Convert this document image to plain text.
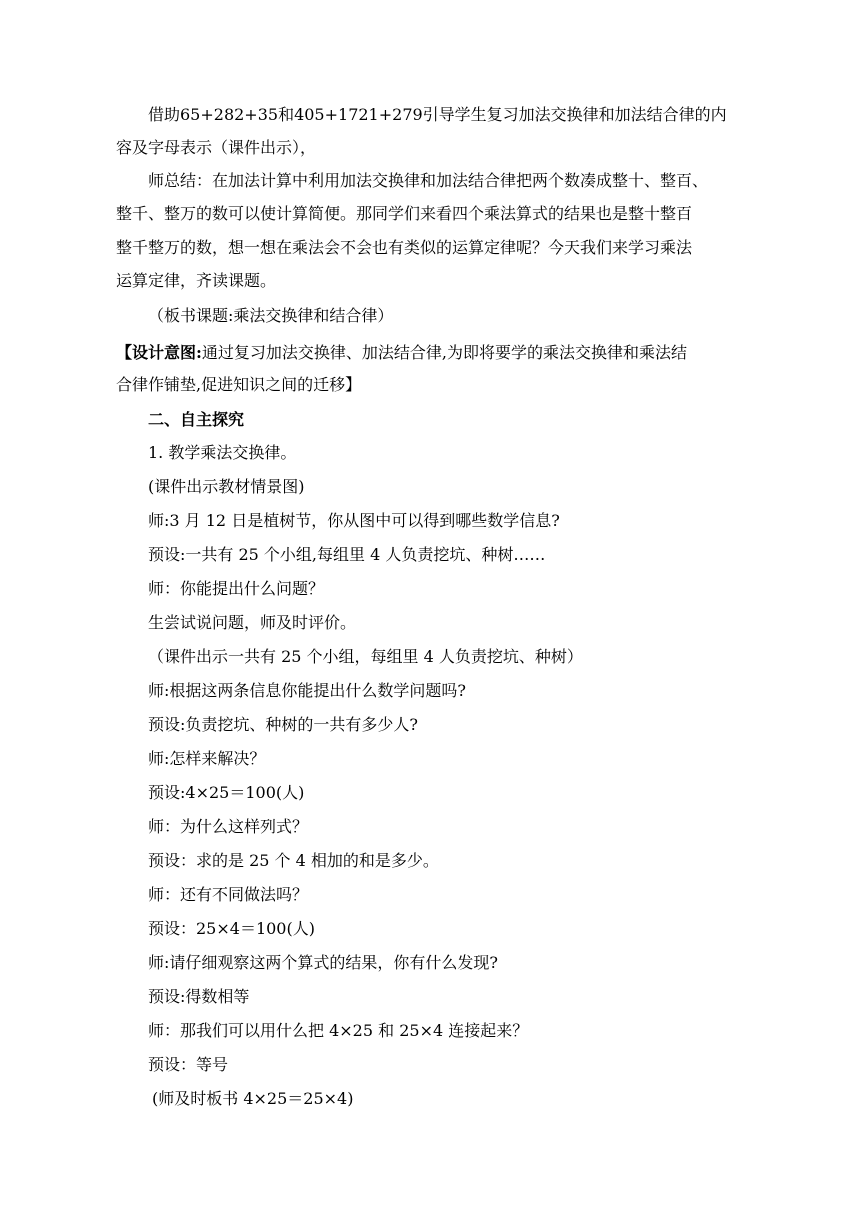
借助65+282+35和405+1721+279引导学生复习加法交换律和加法结合律的内
容及字母表示（课件出示），
师总结：在加法计算中利用加法交换律和加法结合律把两个数凑成整十、整百、
整千、整万的数可以使计算简便。那同学们来看四个乘法算式的结果也是整十整百
整千整万的数，想一想在乘法会不会也有类似的运算定律呢？今天我们来学习乘法
运算定律，齐读课题。
（板书课题:乘法交换律和结合律）
【设计意图:通过复习加法交换律、加法结合律,为即将要学的乘法交换律和乘法结
合律作铺垫,促进知识之间的迁移】
二、自主探究
1. 教学乘法交换律。
(课件出示教材情景图)
师:3 月 12 日是植树节，你从图中可以得到哪些数学信息?
预设:一共有 25 个小组,每组里 4 人负责挖坑、种树……
师：你能提出什么问题？
生尝试说问题，师及时评价。
（课件出示一共有 25 个小组，每组里 4 人负责挖坑、种树）
师:根据这两条信息你能提出什么数学问题吗?
预设:负责挖坑、种树的一共有多少人?
师:怎样来解决？
预设:4×25＝100(人)
师：为什么这样列式？
预设：求的是 25 个 4 相加的和是多少。
师：还有不同做法吗？
预设：25×4＝100(人)
师:请仔细观察这两个算式的结果，你有什么发现?
预设:得数相等
师：那我们可以用什么把 4×25 和 25×4 连接起来？
预设：等号
(师及时板书 4×25＝25×4)
